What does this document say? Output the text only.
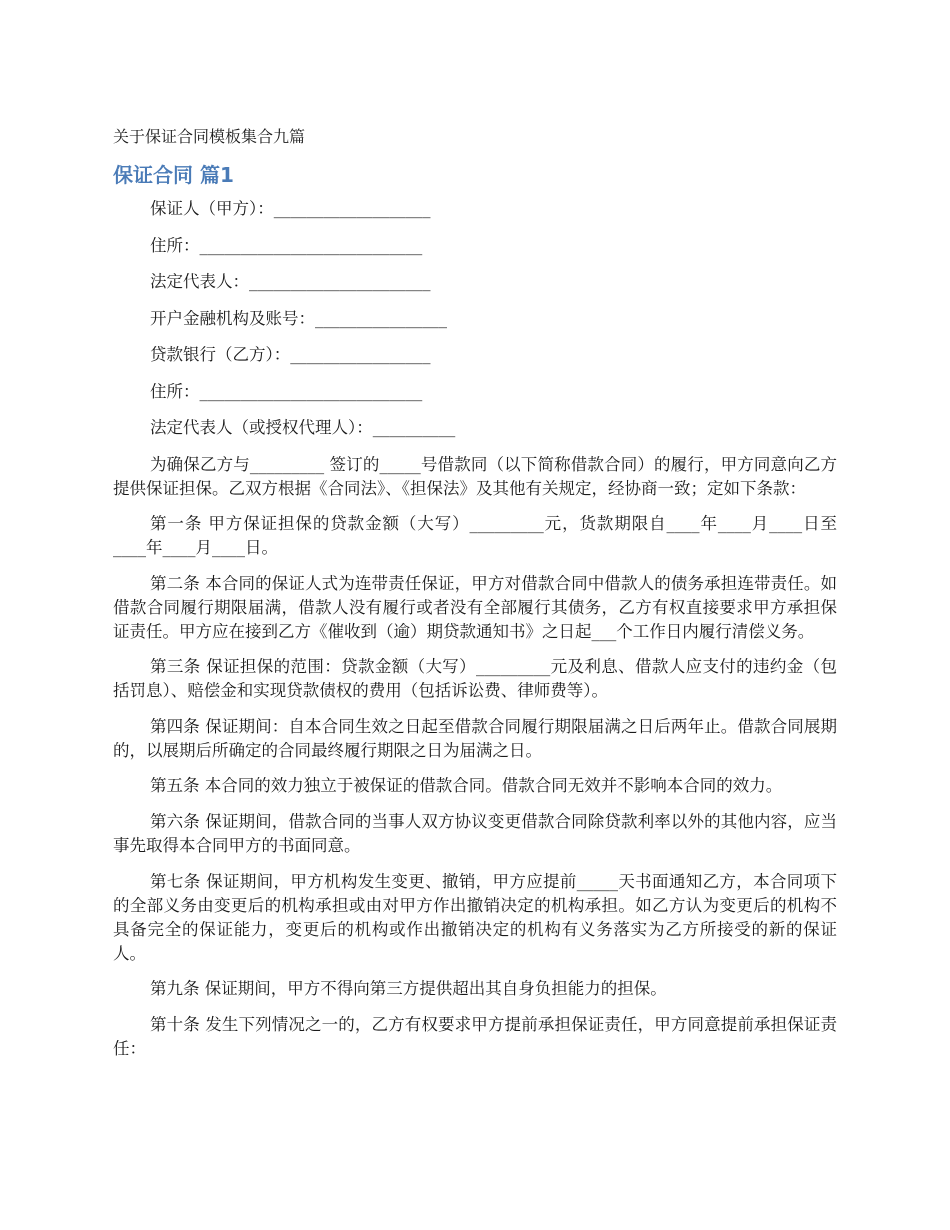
关于保证合同模板集合九篇
保证合同 篇1
保证人（甲方）：___________________
住所：___________________________
法定代表人：______________________
开户金融机构及账号：________________
贷款银行（乙方）：_________________
住所：___________________________
法定代表人（或授权代理人）：__________

为确保乙方与_________ 签订的_____号借款同（以下简称借款合同）的履行，甲方同意向乙方提供保证担保。乙双方根据《合同法》、《担保法》及其他有关规定，经协商一致；定如下条款：

第一条 甲方保证担保的贷款金额（大写）_________元，货款期限自____年____月____日至____年____月____日。

第二条 本合同的保证人式为连带责任保证，甲方对借款合同中借款人的债务承担连带责任。如借款合同履行期限届满，借款人没有履行或者没有全部履行其债务，乙方有权直接要求甲方承担保证责任。甲方应在接到乙方《催收到（逾）期贷款通知书》之日起___个工作日内履行清偿义务。

第三条 保证担保的范围：贷款金额（大写）_________元及利息、借款人应支付的违约金（包括罚息）、赔偿金和实现贷款债权的费用（包括诉讼费、律师费等）。

第四条 保证期间：自本合同生效之日起至借款合同履行期限届满之日后两年止。借款合同展期的，以展期后所确定的合同最终履行期限之日为届满之日。

第五条 本合同的效力独立于被保证的借款合同。借款合同无效并不影响本合同的效力。

第六条 保证期间，借款合同的当事人双方协议变更借款合同除贷款利率以外的其他内容，应当事先取得本合同甲方的书面同意。

第七条 保证期间，甲方机构发生变更、撤销，甲方应提前_____天书面通知乙方，本合同项下的全部义务由变更后的机构承担或由对甲方作出撤销决定的机构承担。如乙方认为变更后的机构不具备完全的保证能力，变更后的机构或作出撤销决定的机构有义务落实为乙方所接受的新的保证人。

第九条 保证期间，甲方不得向第三方提供超出其自身负担能力的担保。

第十条 发生下列情况之一的，乙方有权要求甲方提前承担保证责任，甲方同意提前承担保证责任：
